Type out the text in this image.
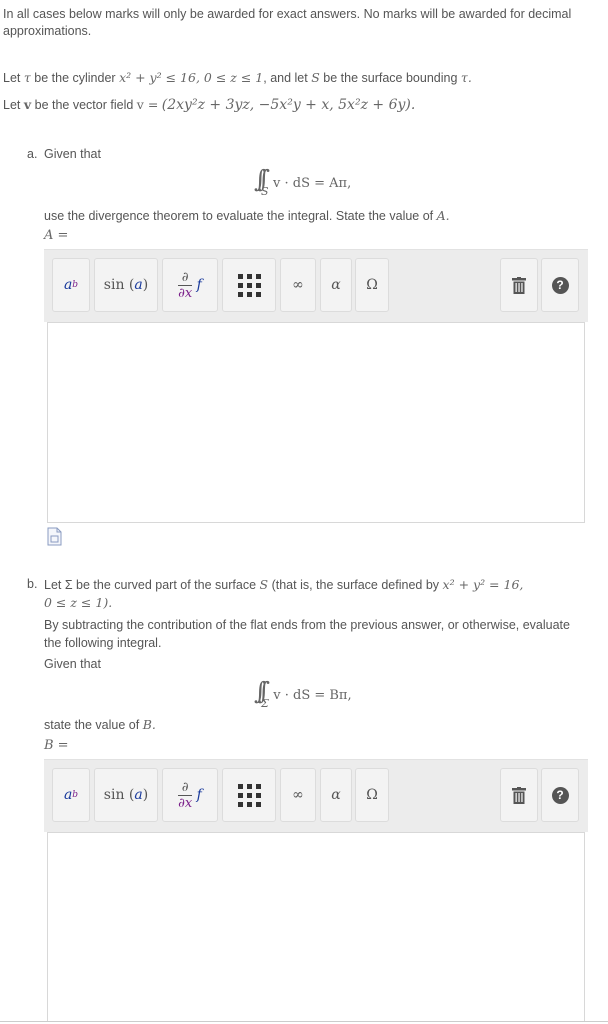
In all cases below marks will only be awarded for exact answers. No marks will be awarded for decimal approximations.
Let τ be the cylinder x² + y² ≤ 16, 0 ≤ z ≤ 1, and let S be the surface bounding τ.
Let v be the vector field v = (2xy²z + 3yz, −5x²y + x, 5x²z + 6y).
a. Given that
$\int\int_S$ v · dS = Aπ,
use the divergence theorem to evaluate the integral. State the value of A.
A =
a b sin ( a )	∂
∂x
f	∞ α Ω	?
b. Let Σ be the curved part of the surface S (that is, the surface defined by x² + y² = 16,
0 ≤ z ≤ 1).
By subtracting the contribution of the flat ends from the previous answer, or otherwise, evaluate the following integral.
Given that
$\int\int_\Sigma$ v · dS = Bπ,
state the value of B.
B =
a b sin ( a )	∂
∂x
f	∞ α Ω	?
